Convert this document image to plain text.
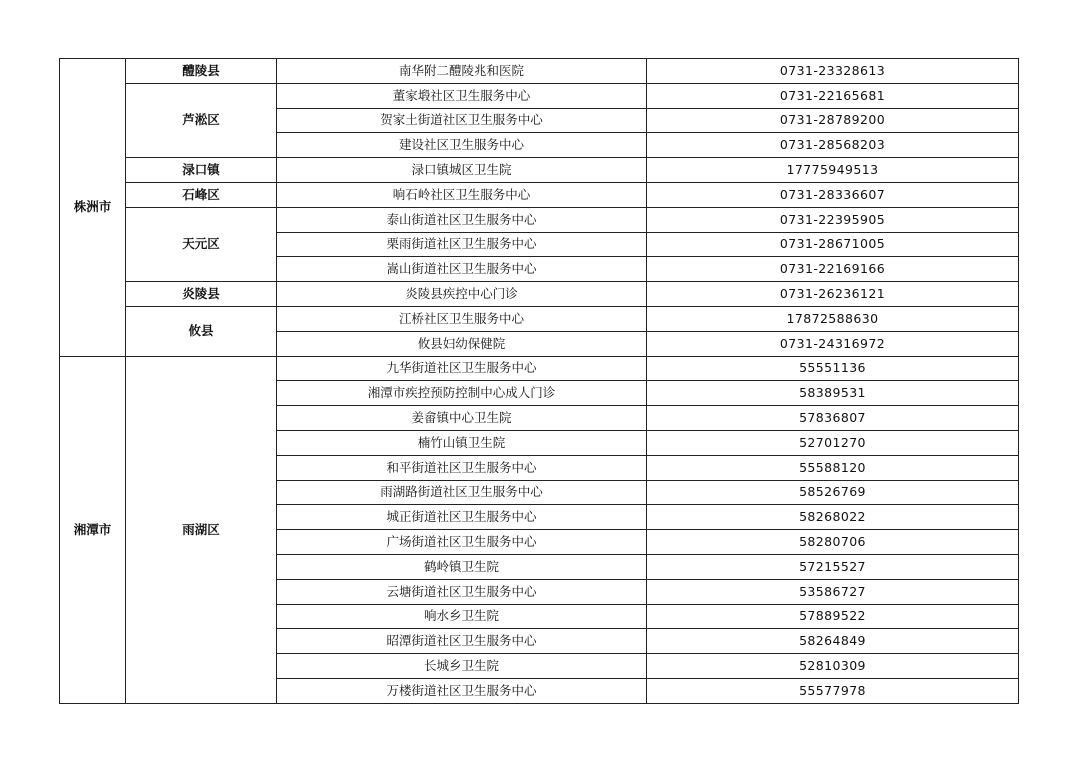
株洲市	醴陵县	南华附二醴陵兆和医院	0731-23328613
	芦淞区	董家塅社区卫生服务中心	0731-22165681
		贺家土街道社区卫生服务中心	0731-28789200
		建设社区卫生服务中心	0731-28568203
	渌口镇	渌口镇城区卫生院	17775949513
	石峰区	响石岭社区卫生服务中心	0731-28336607
	天元区	泰山街道社区卫生服务中心	0731-22395905
		栗雨街道社区卫生服务中心	0731-28671005
		嵩山街道社区卫生服务中心	0731-22169166
	炎陵县	炎陵县疾控中心门诊	0731-26236121
	攸县	江桥社区卫生服务中心	17872588630
		攸县妇幼保健院	0731-24316972
湘潭市	雨湖区	九华街道社区卫生服务中心	55551136
		湘潭市疾控预防控制中心成人门诊	58389531
		姜畲镇中心卫生院	57836807
		楠竹山镇卫生院	52701270
		和平街道社区卫生服务中心	55588120
		雨湖路街道社区卫生服务中心	58526769
		城正街道社区卫生服务中心	58268022
		广场街道社区卫生服务中心	58280706
		鹤岭镇卫生院	57215527
		云塘街道社区卫生服务中心	53586727
		响水乡卫生院	57889522
		昭潭街道社区卫生服务中心	58264849
		长城乡卫生院	52810309
		万楼街道社区卫生服务中心	55577978
